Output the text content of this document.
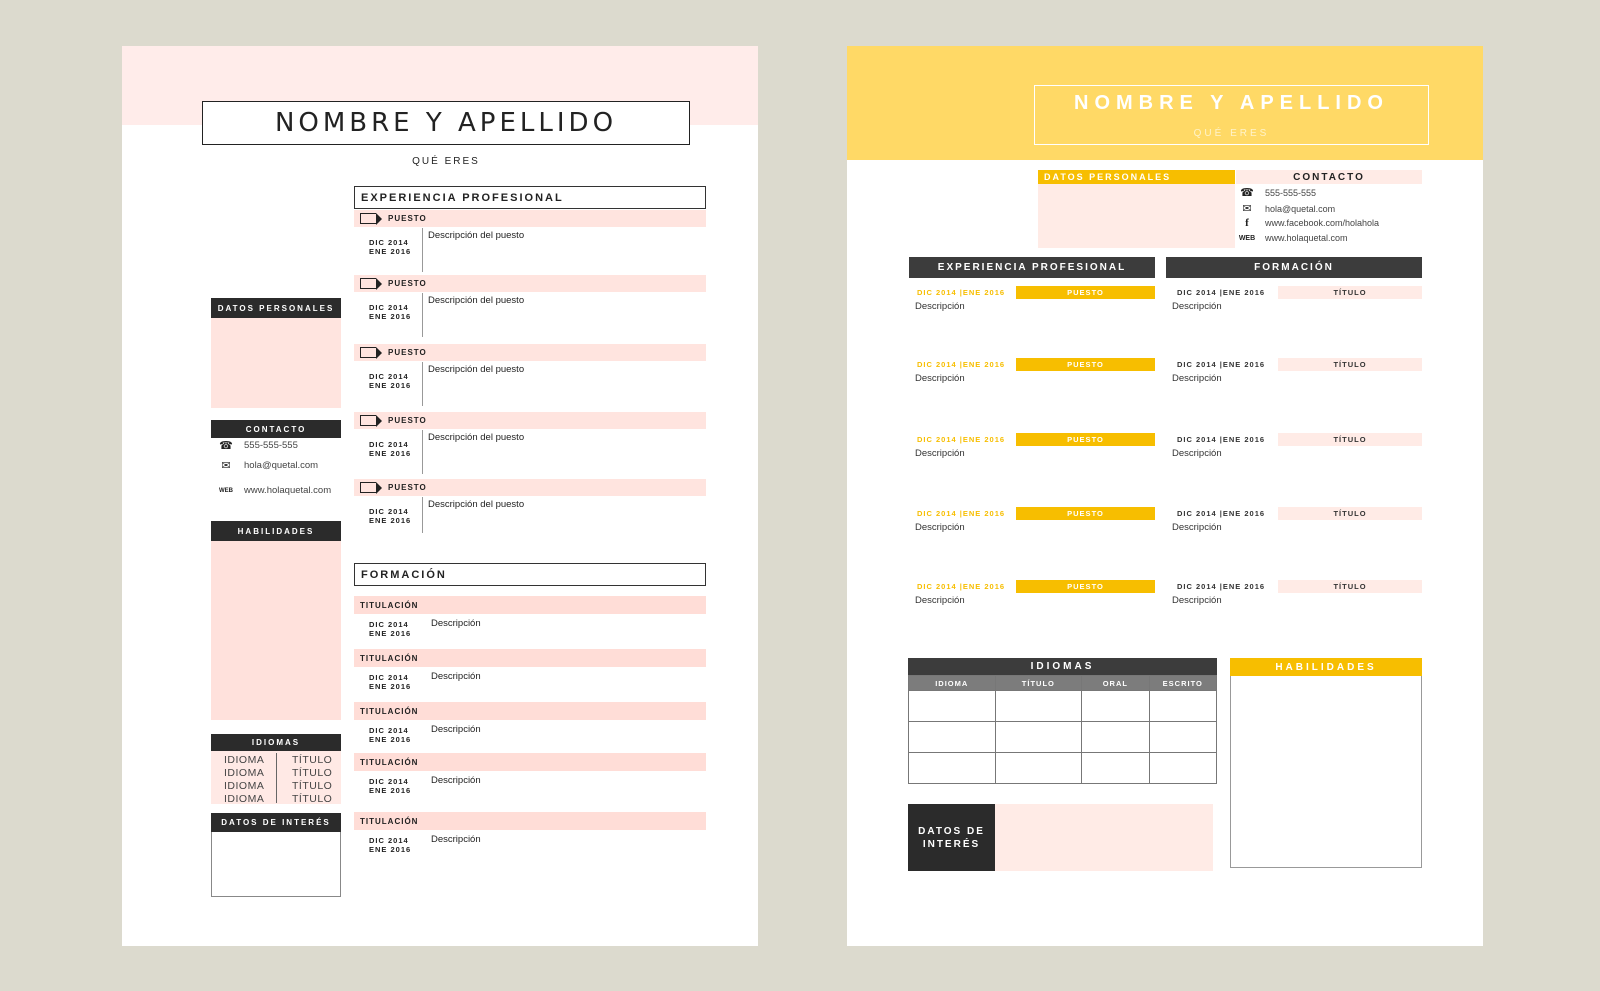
NOMBRE Y APELLIDO
QUÉ ERES
EXPERIENCIA PROFESIONAL
PUESTO
DIC 2014
ENE 2016
Descripción del puesto
PUESTO
DIC 2014
ENE 2016
Descripción del puesto
PUESTO
DIC 2014
ENE 2016
Descripción del puesto
PUESTO
DIC 2014
ENE 2016
Descripción del puesto
PUESTO
DIC 2014
ENE 2016
Descripción del puesto
FORMACIÓN
TITULACIÓN
DIC 2014
ENE 2016
Descripción
TITULACIÓN
DIC 2014
ENE 2016
Descripción
TITULACIÓN
DIC 2014
ENE 2016
Descripción
TITULACIÓN
DIC 2014
ENE 2016
Descripción
TITULACIÓN
DIC 2014
ENE 2016
Descripción
DATOS PERSONALES
CONTACTO
☎	555-555-555
✉	hola@quetal.com
WEB	www.holaquetal.com
HABILIDADES
IDIOMAS
IDIOMA	TÍTULO
IDIOMA	TÍTULO
IDIOMA	TÍTULO
IDIOMA	TÍTULO
DATOS DE INTERÉS
NOMBRE Y APELLIDO
QUÉ ERES
DATOS PERSONALES	CONTACTO
☎	555-555-555
✉	hola@quetal.com
f	www.facebook.com/holahola
WEB	www.holaquetal.com
EXPERIENCIA PROFESIONAL	FORMACIÓN
DIC 2014 |ENE 2016	PUESTO
Descripción
DIC 2014 |ENE 2016	PUESTO
Descripción
DIC 2014 |ENE 2016	PUESTO
Descripción
DIC 2014 |ENE 2016	PUESTO
Descripción
DIC 2014 |ENE 2016	PUESTO
Descripción
DIC 2014 |ENE 2016	TÍTULO
Descripción
DIC 2014 |ENE 2016	TÍTULO
Descripción
DIC 2014 |ENE 2016	TÍTULO
Descripción
DIC 2014 |ENE 2016	TÍTULO
Descripción
DIC 2014 |ENE 2016	TÍTULO
Descripción
IDIOMAS
IDIOMA	TÍTULO	ORAL	ESCRITO

HABILIDADES
DATOS DE
INTERÉS
